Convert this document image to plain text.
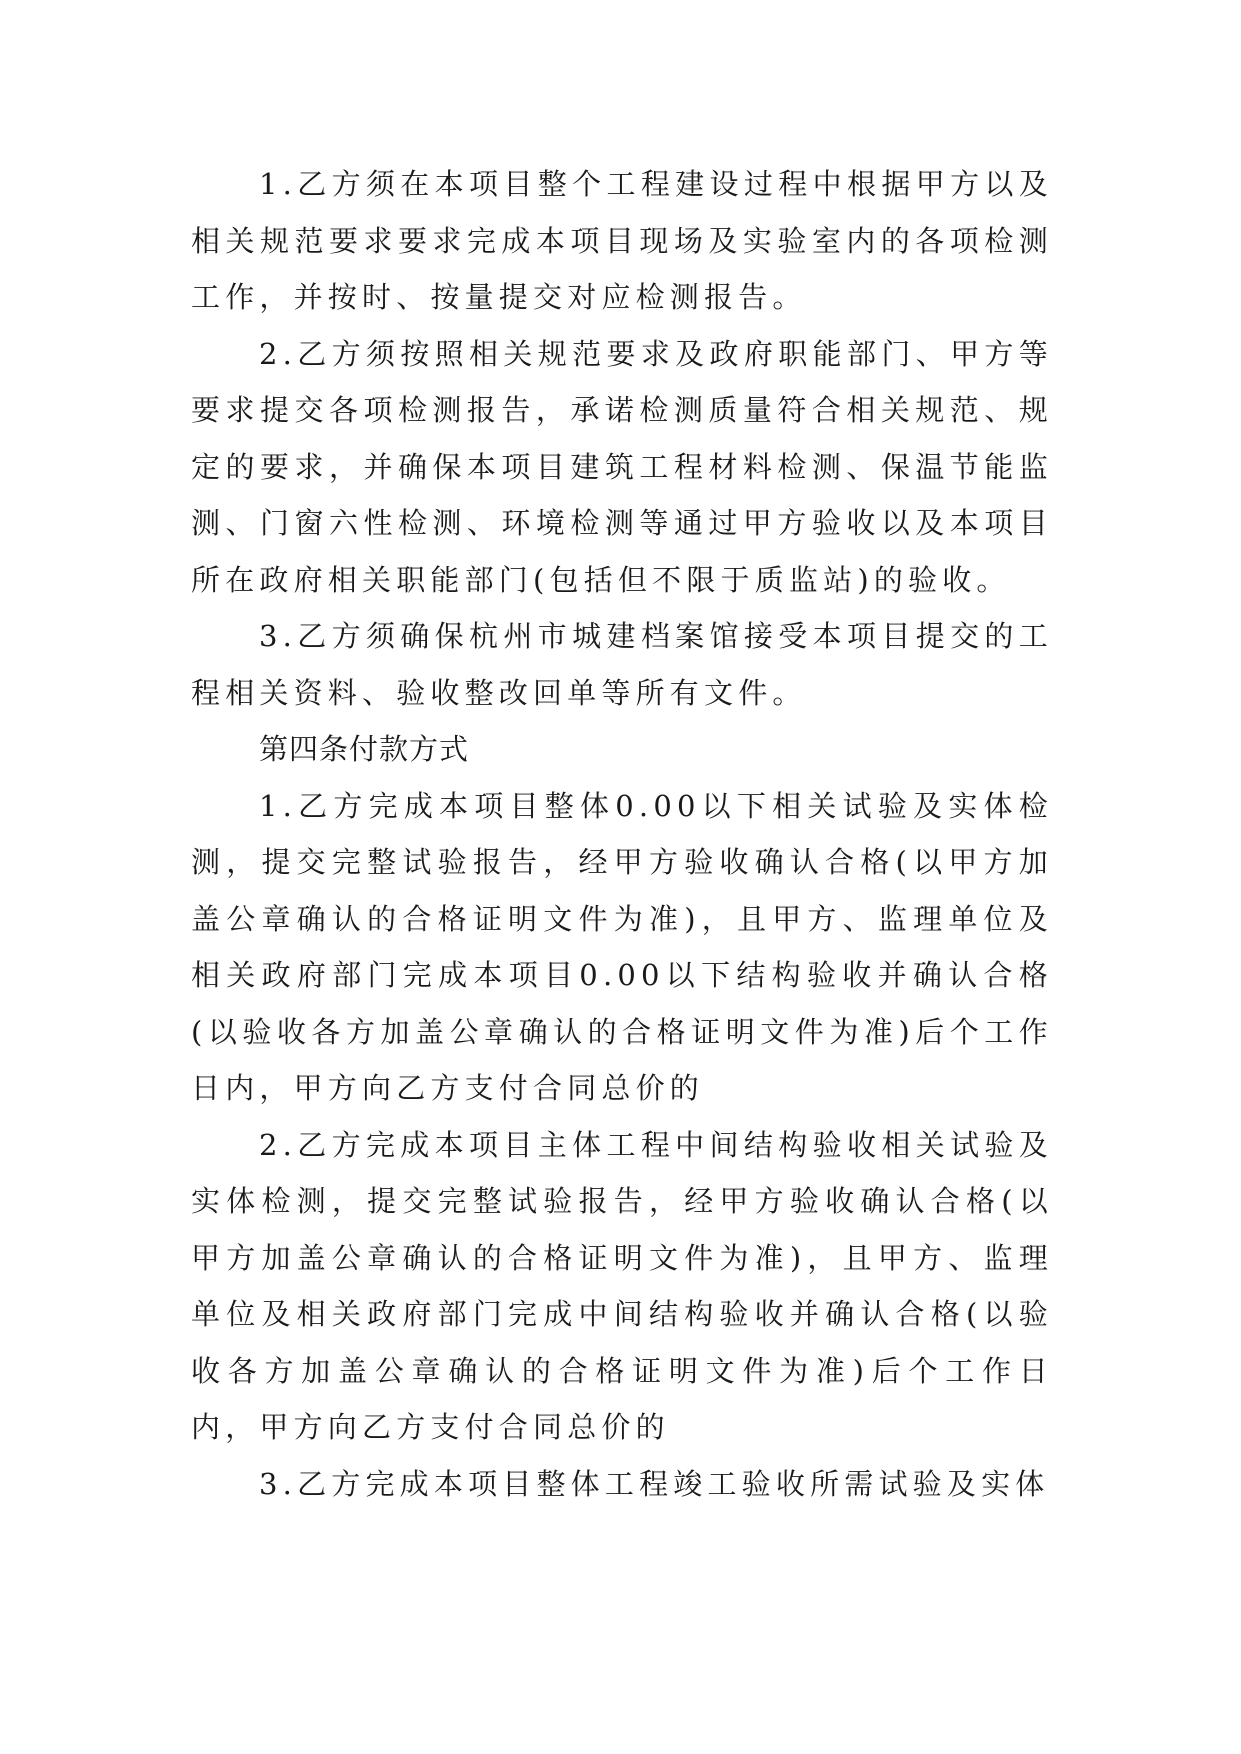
1.乙方须在本项目整个工程建设过程中根据甲方以及相关规范要求要求完成本项目现场及实验室内的各项检测工作，并按时、按量提交对应检测报告。

2.乙方须按照相关规范要求及政府职能部门、甲方等要求提交各项检测报告，承诺检测质量符合相关规范、规定的要求，并确保本项目建筑工程材料检测、保温节能监测、门窗六性检测、环境检测等通过甲方验收以及本项目所在政府相关职能部门(包括但不限于质监站)的验收。

3.乙方须确保杭州市城建档案馆接受本项目提交的工程相关资料、验收整改回单等所有文件。

第四条付款方式

1.乙方完成本项目整体0.00以下相关试验及实体检测，提交完整试验报告，经甲方验收确认合格(以甲方加盖公章确认的合格证明文件为准)，且甲方、监理单位及相关政府部门完成本项目0.00以下结构验收并确认合格(以验收各方加盖公章确认的合格证明文件为准)后个工作日内，甲方向乙方支付合同总价的

2.乙方完成本项目主体工程中间结构验收相关试验及实体检测，提交完整试验报告，经甲方验收确认合格(以甲方加盖公章确认的合格证明文件为准)，且甲方、监理单位及相关政府部门完成中间结构验收并确认合格(以验收各方加盖公章确认的合格证明文件为准)后个工作日内，甲方向乙方支付合同总价的

3.乙方完成本项目整体工程竣工验收所需试验及实体
